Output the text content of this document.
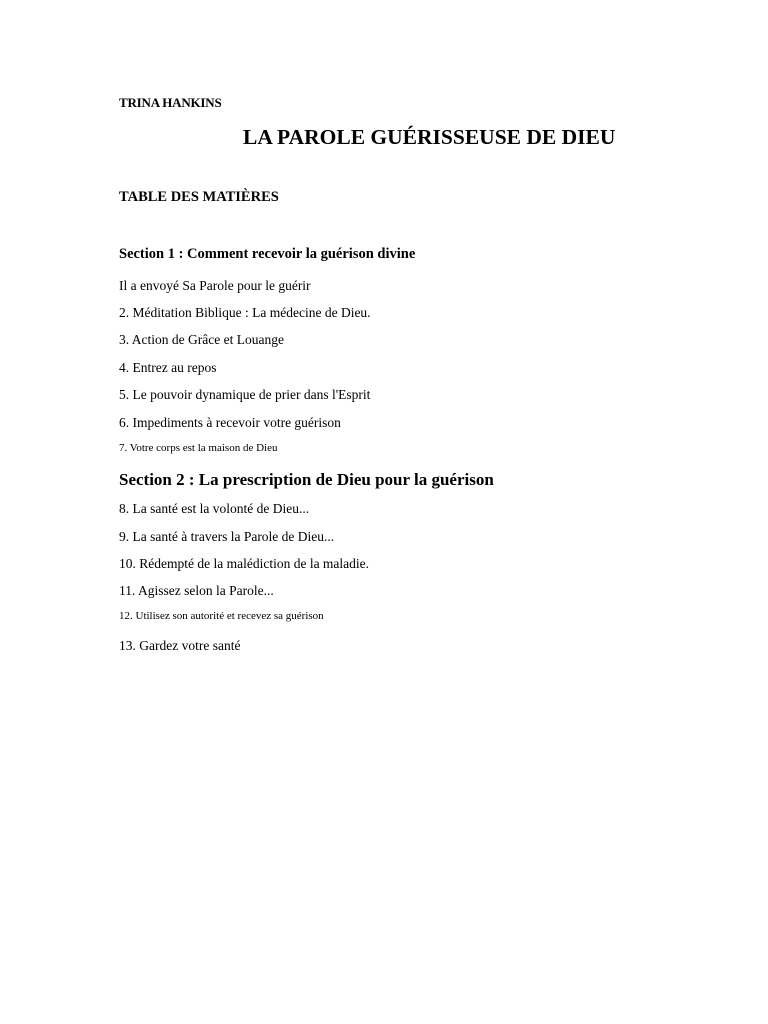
TRINA HANKINS
LA PAROLE GUÉRISSEUSE DE DIEU
TABLE DES MATIÈRES
Section 1 : Comment recevoir la guérison divine
Il a envoyé Sa Parole pour le guérir
2. Méditation Biblique : La médecine de Dieu.
3. Action de Grâce et Louange
4. Entrez au repos
5. Le pouvoir dynamique de prier dans l'Esprit
6. Impediments à recevoir votre guérison
7. Votre corps est la maison de Dieu
Section 2 : La prescription de Dieu pour la guérison
8. La santé est la volonté de Dieu...
9. La santé à travers la Parole de Dieu...
10. Rédempté de la malédiction de la maladie.
11. Agissez selon la Parole...
12. Utilisez son autorité et recevez sa guérison
13. Gardez votre santé
